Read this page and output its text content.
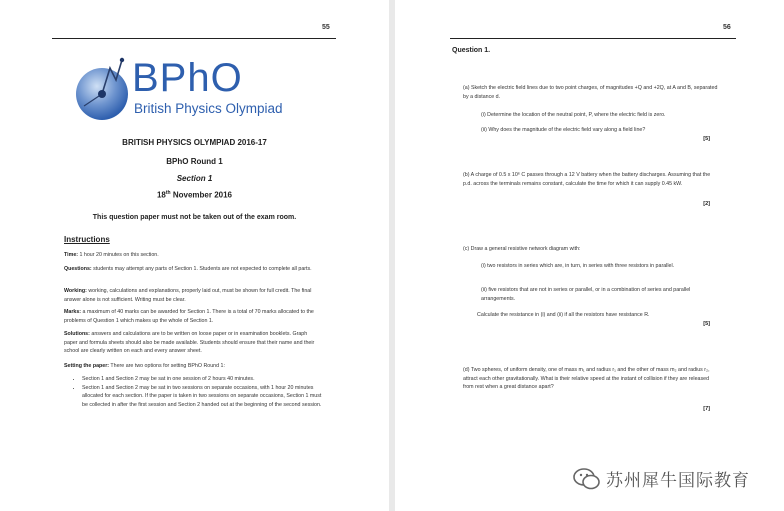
55
BPhO
British Physics Olympiad
BRITISH PHYSICS OLYMPIAD 2016-17
BPhO Round 1
Section 1
18th November 2016
This question paper must not be taken out of the exam room.
Instructions
Time: 1 hour 20 minutes on this section.
Questions: students may attempt any parts of Section 1. Students are not expected to complete all parts.
Working: working, calculations and explanations, properly laid out, must be shown for full credit. The final answer alone is not sufficient. Writing must be clear.
Marks: a maximum of 40 marks can be awarded for Section 1. There is a total of 70 marks allocated to the problems of Question 1 which makes up the whole of Section 1.
Solutions: answers and calculations are to be written on loose paper or in examination booklets. Graph paper and formula sheets should also be made available. Students should ensure that their name and their school are clearly written on each and every answer sheet.
Setting the paper: There are two options for setting BPhO Round 1:
• Section 1 and Section 2 may be sat in one session of 2 hours 40 minutes.
• Section 1 and Section 2 may be sat in two sessions on separate occasions, with 1 hour 20 minutes allocated for each section. If the paper is taken in two sessions on separate occasions, Section 1 must be collected in after the first session and Section 2 handed out at the beginning of the second session.
56
Question 1.
(a) Sketch the electric field lines due to two point charges, of magnitudes +Q and +2Q, at A and B, separated by a distance d.
(i) Determine the location of the neutral point, P, where the electric field is zero.
(ii) Why does the magnitude of the electric field vary along a field line?
[5]
(b) A charge of 0.5 x 10⁶ C passes through a 12 V battery when the battery discharges. Assuming that the p.d. across the terminals remains constant, calculate the time for which it can supply 0.45 kW.
[2]
(c) Draw a general resistive network diagram with:
(i) two resistors in series which are, in turn, in series with three resistors in parallel.
(ii) five resistors that are not in series or parallel, or in a combination of series and parallel arrangements.
Calculate the resistance in (i) and (ii) if all the resistors have resistance R.
[5]
(d) Two spheres, of uniform density, one of mass m₁ and radius r₁ and the other of mass m₂ and radius r₂, attract each other gravitationally. What is their relative speed at the instant of collision if they are released from rest when a great distance apart?
[7]
苏州犀牛国际教育
